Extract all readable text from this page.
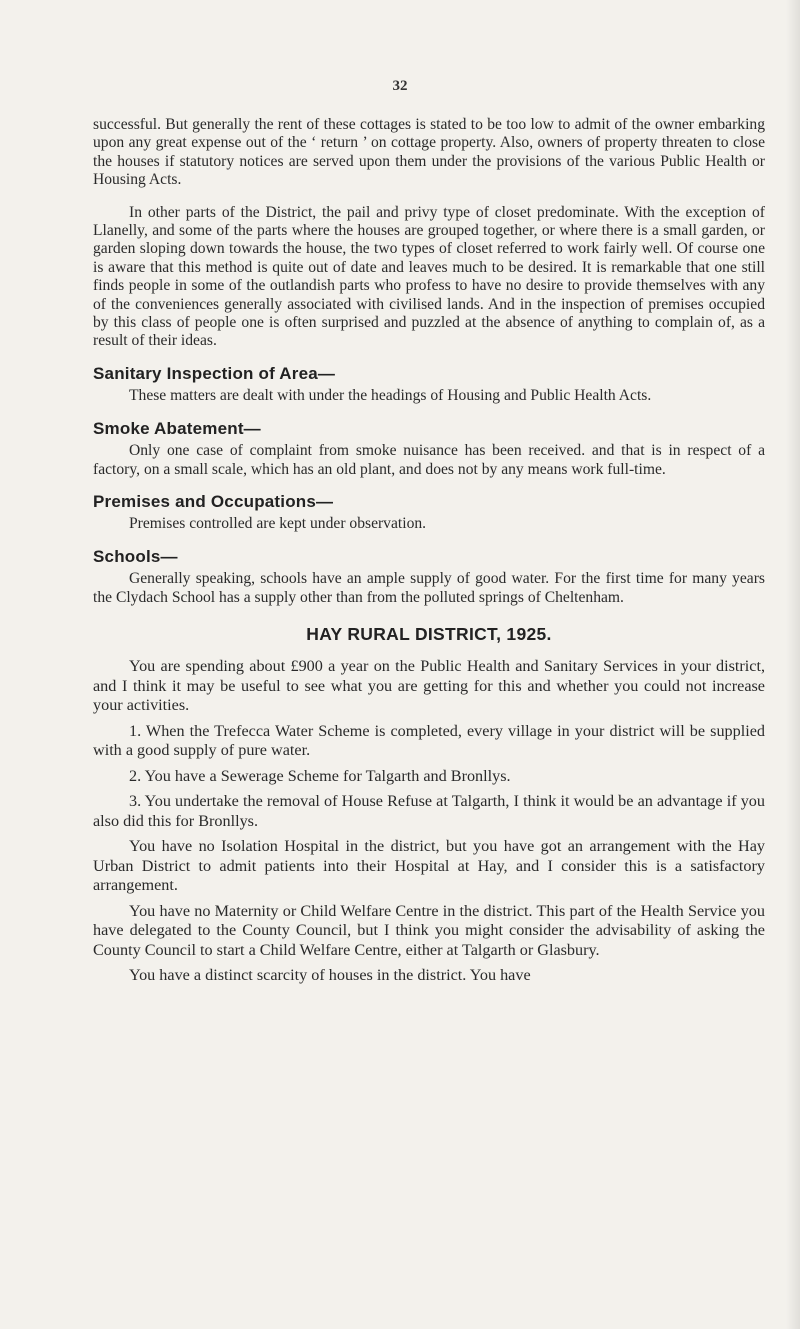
32

successful. But generally the rent of these cottages is stated to be too low to admit of the owner embarking upon any great expense out of the ‘ return ’ on cottage property. Also, owners of property threaten to close the houses if statutory notices are served upon them under the provisions of the various Public Health or Housing Acts.

In other parts of the District, the pail and privy type of closet predominate. With the exception of Llanelly, and some of the parts where the houses are grouped together, or where there is a small garden, or garden sloping down towards the house, the two types of closet referred to work fairly well. Of course one is aware that this method is quite out of date and leaves much to be desired. It is remarkable that one still finds people in some of the outlandish parts who profess to have no desire to provide themselves with any of the conveniences generally associated with civilised lands. And in the inspection of premises occupied by this class of people one is often surprised and puzzled at the absence of anything to complain of, as a result of their ideas.

Sanitary Inspection of Area—

These matters are dealt with under the headings of Housing and Public Health Acts.

Smoke Abatement—

Only one case of complaint from smoke nuisance has been received. and that is in respect of a factory, on a small scale, which has an old plant, and does not by any means work full-time.

Premises and Occupations—

Premises controlled are kept under observation.

Schools—

Generally speaking, schools have an ample supply of good water. For the first time for many years the Clydach School has a supply other than from the polluted springs of Cheltenham.

HAY RURAL DISTRICT, 1925.

You are spending about £900 a year on the Public Health and Sanitary Services in your district, and I think it may be useful to see what you are getting for this and whether you could not increase your activities.

1. When the Trefecca Water Scheme is completed, every village in your district will be supplied with a good supply of pure water.

2. You have a Sewerage Scheme for Talgarth and Bronllys.

3. You undertake the removal of House Refuse at Talgarth, I think it would be an advantage if you also did this for Bronllys.

You have no Isolation Hospital in the district, but you have got an arrangement with the Hay Urban District to admit patients into their Hospital at Hay, and I consider this is a satisfactory arrangement.

You have no Maternity or Child Welfare Centre in the district. This part of the Health Service you have delegated to the County Council, but I think you might consider the advisability of asking the County Council to start a Child Welfare Centre, either at Talgarth or Glasbury.

You have a distinct scarcity of houses in the district. You have
